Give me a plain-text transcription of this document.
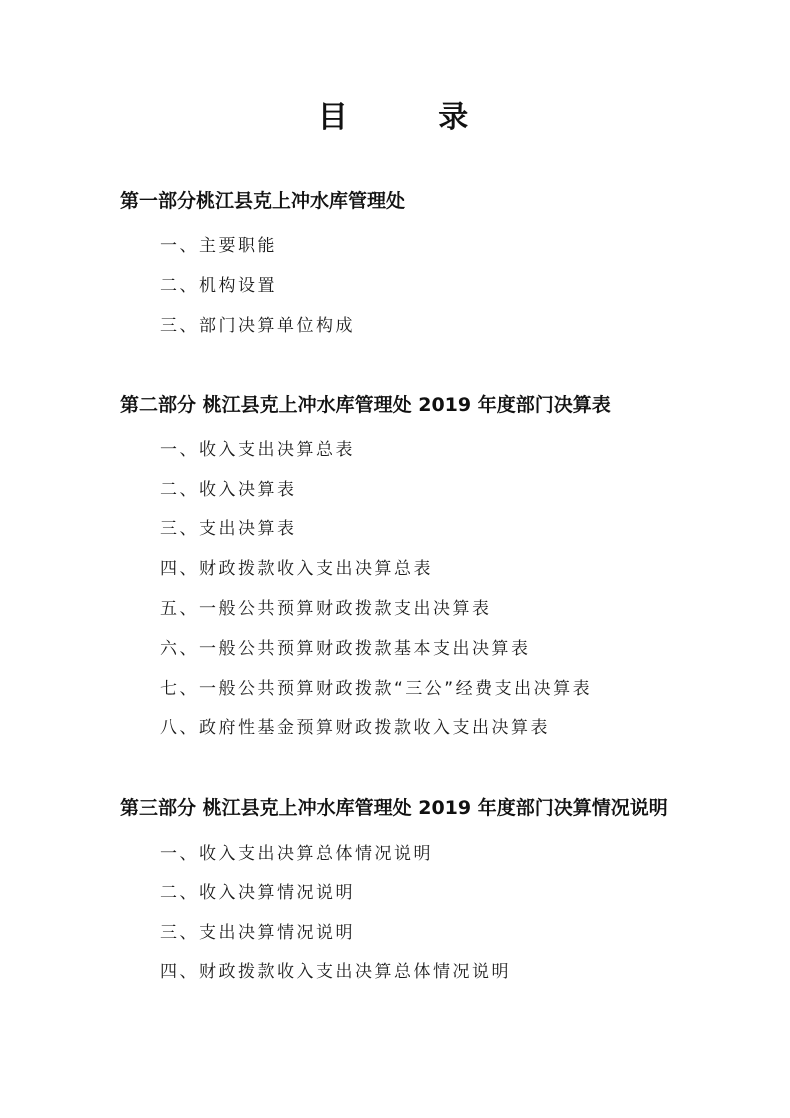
目 录
第一部分桃江县克上冲水库管理处
一、主要职能
二、机构设置
三、部门决算单位构成
第二部分 桃江县克上冲水库管理处 2019 年度部门决算表
一、收入支出决算总表
二、收入决算表
三、支出决算表
四、财政拨款收入支出决算总表
五、一般公共预算财政拨款支出决算表
六、一般公共预算财政拨款基本支出决算表
七、一般公共预算财政拨款“三公”经费支出决算表
八、政府性基金预算财政拨款收入支出决算表
第三部分 桃江县克上冲水库管理处 2019 年度部门决算情况说明
一、收入支出决算总体情况说明
二、收入决算情况说明
三、支出决算情况说明
四、财政拨款收入支出决算总体情况说明
